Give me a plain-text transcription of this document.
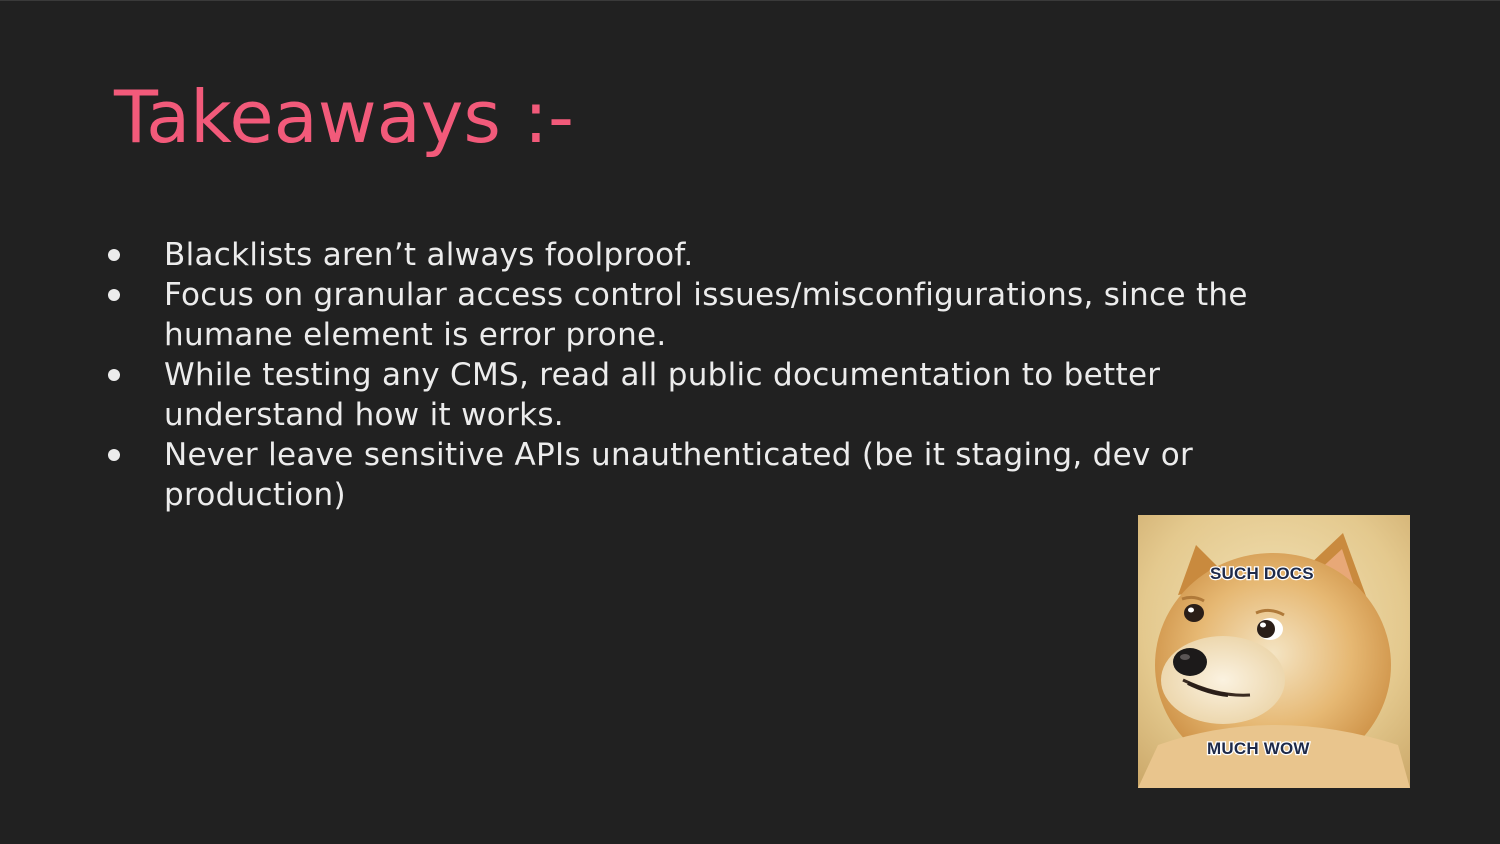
Takeaways :-
Blacklists aren’t always foolproof.
Focus on granular access control issues/misconfigurations, since the humane element is error prone.
While testing any CMS, read all public documentation to better understand how it works.
Never leave sensitive APIs unauthenticated (be it staging, dev or production)
SUCH DOCS
MUCH WOW
